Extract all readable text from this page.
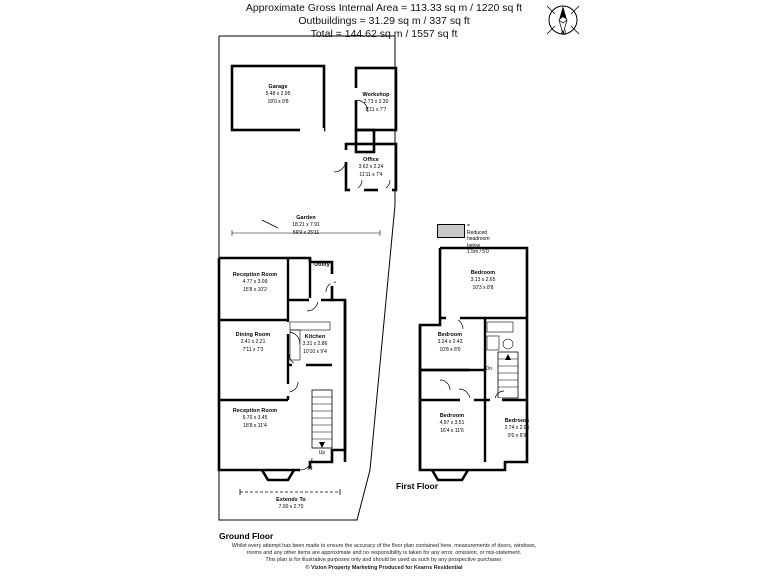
Approximate Gross Internal Area = 113.33 sq m / 1220 sq ft
Outbuildings = 31.29 sq m / 337 sq ft
Total = 144.62 sq m / 1557 sq ft	N
Garage
5.48 x 2.95
18'0 x 9'8
Workshop
2.73 x 2.30
8'11 x 7'7
Office
3.62 x 2.24
11'11 x 7'4
Garden
18.21 x 7.91
59'9 x 25'11
Reception Room
4.77 x 3.09
15'8 x 10'2
Utility
Dining Room
2.41 x 2.21
7'11 x 7'3
Kitchen
3.31 x 2.86
10'10 x 9'4
Reception Room
5.70 x 3.45
18'8 x 11'4
Up
IN
Extends To
7.00 x 2.70
Bedroom
3.13 x 2.65
10'3 x 8'8
Bedroom
3.24 x 2.43
10'8 x 8'0
Dn
Bedroom
4.97 x 3.51
16'4 x 11'6
Bedroom
2.74 x 2.05
9'0 x 6'9
= Reduced headroom
below 1.5m / 5'0
Ground Floor
First Floor
Whilst every attempt has been made to ensure the accuracy of the floor plan contained here, measurements of doors, windows,
rooms and any other items are approximate and no responsibility is taken for any error, omission, or mis-statement.
This plan is for illustrative purposes only and should be used as such by any prospective purchaser.
© Vizion Property Marketing Produced for Kearns Residential
